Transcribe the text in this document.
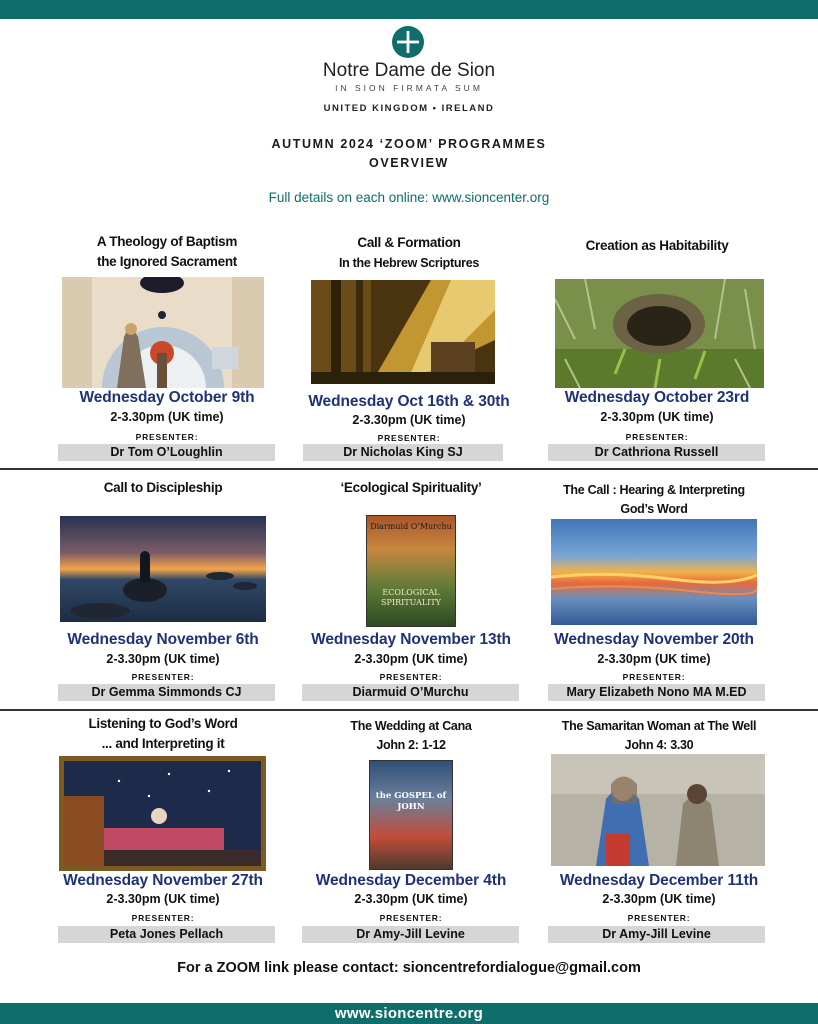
Notre Dame de Sion
IN SION FIRMATA SUM
UNITED KINGDOM • IRELAND
AUTUMN 2024 ‘ZOOM’ PROGRAMMES
OVERVIEW
Full details on each online: www.sioncenter.org
A Theology of Baptism
the Ignored Sacrament
Wednesday October 9th
2-3.30pm (UK time)
PRESENTER:
Dr Tom O’Loughlin
Call & Formation
In the Hebrew Scriptures
Wednesday Oct 16th & 30th
2-3.30pm (UK time)
PRESENTER:
Dr Nicholas King SJ
Creation as Habitability
Wednesday October 23rd
2-3.30pm (UK time)
PRESENTER:
Dr Cathriona Russell
Call to Discipleship
Wednesday November 6th
2-3.30pm (UK time)
PRESENTER:
Dr Gemma Simmonds CJ
‘Ecological Spirituality’
Diarmuid O’Murchu
ECOLOGICAL SPIRITUALITY
Wednesday November 13th
2-3.30pm (UK time)
PRESENTER:
Diarmuid O’Murchu
The Call : Hearing & Interpreting
God’s Word
Wednesday November 20th
2-3.30pm (UK time)
PRESENTER:
Mary Elizabeth Nono MA M.ED
Listening to God’s Word
... and Interpreting it
Wednesday November 27th
2-3.30pm (UK time)
PRESENTER:
Peta Jones Pellach
The Wedding at Cana
John 2: 1-12
the GOSPEL of JOHN
Wednesday December 4th
2-3.30pm (UK time)
PRESENTER:
Dr Amy-Jill Levine
The Samaritan Woman at The Well
John 4: 3.30
Wednesday December 11th
2-3.30pm (UK time)
PRESENTER:
Dr Amy-Jill Levine
For a ZOOM link please contact: sioncentrefordialogue@gmail.com
www.sioncentre.org
